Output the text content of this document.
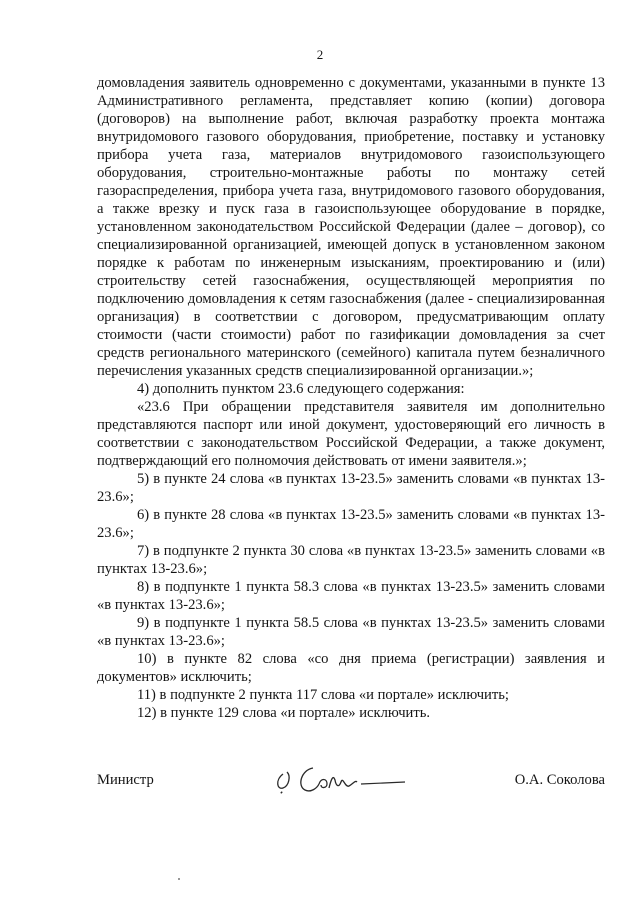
2

домовладения заявитель одновременно с документами, указанными в пункте 13 Административного регламента, представляет копию (копии) договора (договоров) на выполнение работ, включая разработку проекта монтажа внутридомового газового оборудования, приобретение, поставку и установку прибора учета газа, материалов внутридомового газоиспользующего оборудования, строительно-монтажные работы по монтажу сетей газораспределения, прибора учета газа, внутридомового газового оборудования, а также врезку и пуск газа в газоиспользующее оборудование в порядке, установленном законодательством Российской Федерации (далее – договор), со специализированной организацией, имеющей допуск в установленном законом порядке к работам по инженерным изысканиям, проектированию и (или) строительству сетей газоснабжения, осуществляющей мероприятия по подключению домовладения к сетям газоснабжения (далее - специализированная организация) в соответствии с договором, предусматривающим оплату стоимости (части стоимости) работ по газификации домовладения за счет средств регионального материнского (семейного) капитала путем безналичного перечисления указанных средств специализированной организации.»;

4) дополнить пунктом 23.6 следующего содержания:

«23.6 При обращении представителя заявителя им дополнительно представляются паспорт или иной документ, удостоверяющий его личность в соответствии с законодательством Российской Федерации, а также документ, подтверждающий его полномочия действовать от имени заявителя.»;

5) в пункте 24 слова «в пунктах 13-23.5» заменить словами «в пунктах 13-23.6»;

6) в пункте 28 слова «в пунктах 13-23.5» заменить словами «в пунктах 13-23.6»;

7) в подпункте 2 пункта 30 слова «в пунктах 13-23.5» заменить словами «в пунктах 13-23.6»;

8) в подпункте 1 пункта 58.3 слова «в пунктах 13-23.5» заменить словами «в пунктах 13-23.6»;

9) в подпункте 1 пункта 58.5 слова «в пунктах 13-23.5» заменить словами «в пунктах 13-23.6»;

10) в пункте 82 слова «со дня приема (регистрации) заявления и документов» исключить;

11) в подпункте 2 пункта 117 слова «и портале» исключить;

12) в пункте 129 слова «и портале» исключить.

Министр	О.А. Соколова
